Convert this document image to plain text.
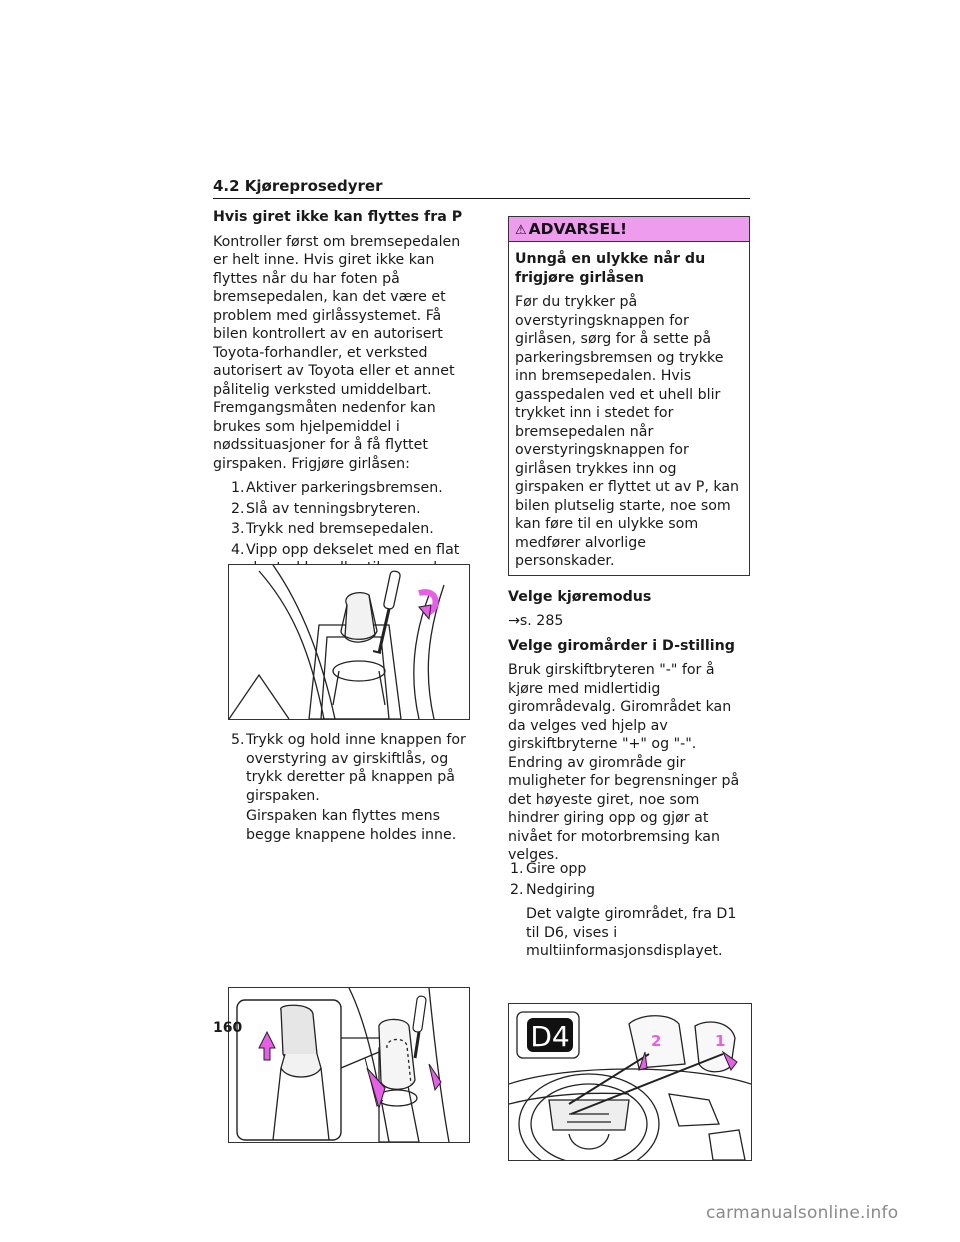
4.2 Kjøreprosedyrer
Hvis giret ikke kan flyttes fra P

Kontroller først om bremsepedalen er helt inne. Hvis giret ikke kan flyttes når du har foten på bremsepedalen, kan det være et problem med girlåssystemet. Få bilen kontrollert av en autorisert Toyota-forhandler, et verksted autorisert av Toyota eller et annet pålitelig verksted umiddelbart. Fremgangsmåten nedenfor kan brukes som hjelpemiddel i nødssituasjoner for å få flyttet girspaken. Frigjøre girlåsen:

1. Aktiver parkeringsbremsen.
2. Slå av tenningsbryteren.
3. Trykk ned bremsepedalen.
4. Vipp opp dekselet med en flat
5. Trykk og hold inne knappen for overstyring av girskiftlås, og trykk deretter på knappen på girspaken.

Girspaken kan flyttes mens begge knappene holdes inne.

⚠ ADVARSEL!
Unngå en ulykke når du frigjøre girlåsen

Før du trykker på overstyringsknappen for girlåsen, sørg for å sette på parkeringsbremsen og trykke inn bremsepedalen. Hvis gasspedalen ved et uhell blir trykket inn i stedet for bremsepedalen når overstyringsknappen for girlåsen trykkes inn og girspaken er flyttet ut av P, kan bilen plutselig starte, noe som kan føre til en ulykke som medfører alvorlige personskader.

Velge kjøremodus

→s. 285

Velge giromårder i D-stilling

Bruk girskiftbryteren "-" for å kjøre med midlertidig girområdevalg. Girområdet kan da velges ved hjelp av girskiftbryterne "+" og "-". Endring av girområde gir muligheter for begrensninger på det høyeste giret, noe som hindrer giring opp og gjør at nivået for motorbremsing kan velges.

D4	2	1
1. Gire opp
2. Nedgiring

Det valgte girområdet, fra D1 til D6, vises i multiinformasjonsdisplayet.

160
carmanualsonline.info
